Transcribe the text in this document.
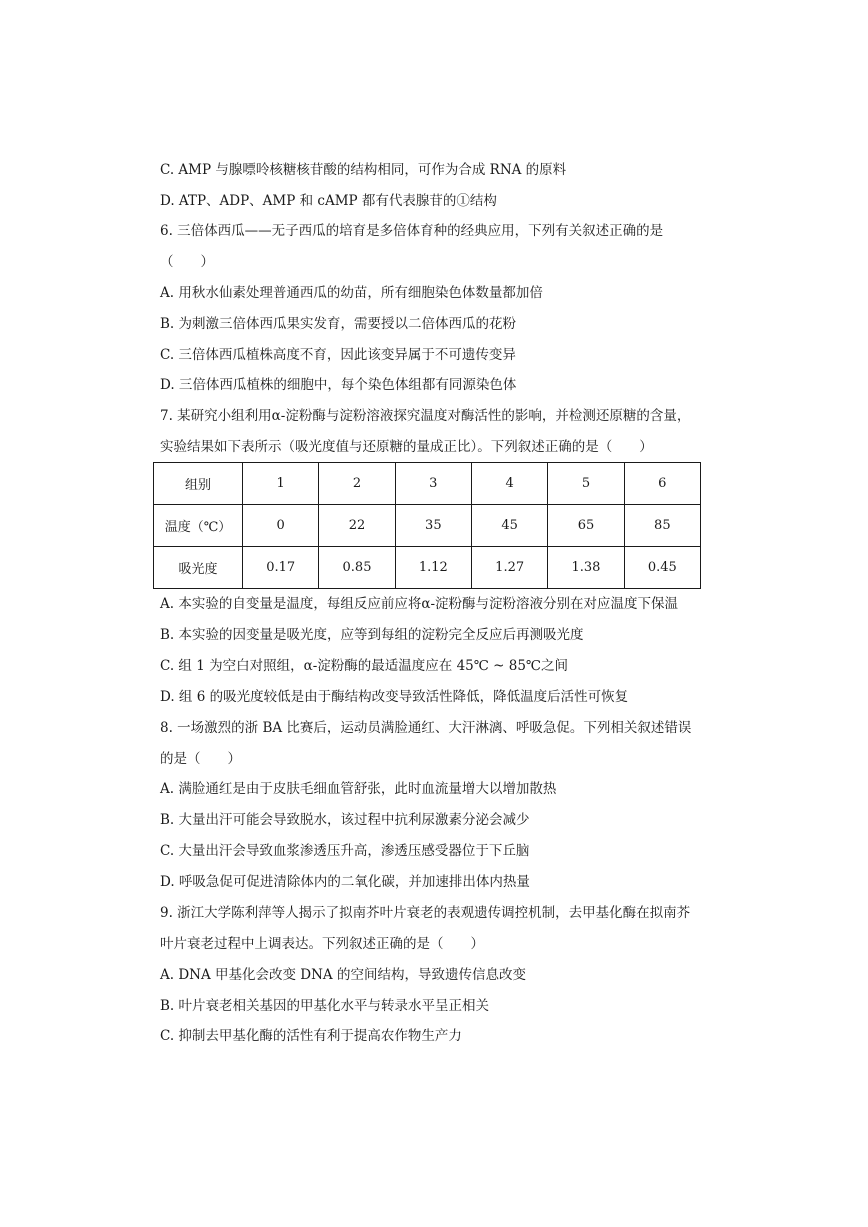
C. AMP 与腺嘌呤核糖核苷酸的结构相同，可作为合成 RNA 的原料
D. ATP、ADP、AMP 和 cAMP 都有代表腺苷的①结构
6. 三倍体西瓜——无子西瓜的培育是多倍体育种的经典应用，下列有关叙述正确的是
（　　）
A. 用秋水仙素处理普通西瓜的幼苗，所有细胞染色体数量都加倍
B. 为刺激三倍体西瓜果实发育，需要授以二倍体西瓜的花粉
C. 三倍体西瓜植株高度不育，因此该变异属于不可遗传变异
D. 三倍体西瓜植株的细胞中，每个染色体组都有同源染色体
7. 某研究小组利用α-淀粉酶与淀粉溶液探究温度对酶活性的影响，并检测还原糖的含量，
实验结果如下表所示（吸光度值与还原糖的量成正比）。下列叙述正确的是（　　）
组别	1	2	3	4	5	6
温度（℃）	0	22	35	45	65	85
吸光度	0.17	0.85	1.12	1.27	1.38	0.45
A. 本实验的自变量是温度，每组反应前应将α-淀粉酶与淀粉溶液分别在对应温度下保温
B. 本实验的因变量是吸光度，应等到每组的淀粉完全反应后再测吸光度
C. 组 1 为空白对照组，α-淀粉酶的最适温度应在 45℃ ~ 85℃之间
D. 组 6 的吸光度较低是由于酶结构改变导致活性降低，降低温度后活性可恢复
8. 一场激烈的浙 BA 比赛后，运动员满脸通红、大汗淋漓、呼吸急促。下列相关叙述错误
的是（　　）
A. 满脸通红是由于皮肤毛细血管舒张，此时血流量增大以增加散热
B. 大量出汗可能会导致脱水，该过程中抗利尿激素分泌会减少
C. 大量出汗会导致血浆渗透压升高，渗透压感受器位于下丘脑
D. 呼吸急促可促进清除体内的二氧化碳，并加速排出体内热量
9. 浙江大学陈利萍等人揭示了拟南芥叶片衰老的表观遗传调控机制，去甲基化酶在拟南芥
叶片衰老过程中上调表达。下列叙述正确的是（　　）
A. DNA 甲基化会改变 DNA 的空间结构，导致遗传信息改变
B. 叶片衰老相关基因的甲基化水平与转录水平呈正相关
C. 抑制去甲基化酶的活性有利于提高农作物生产力
